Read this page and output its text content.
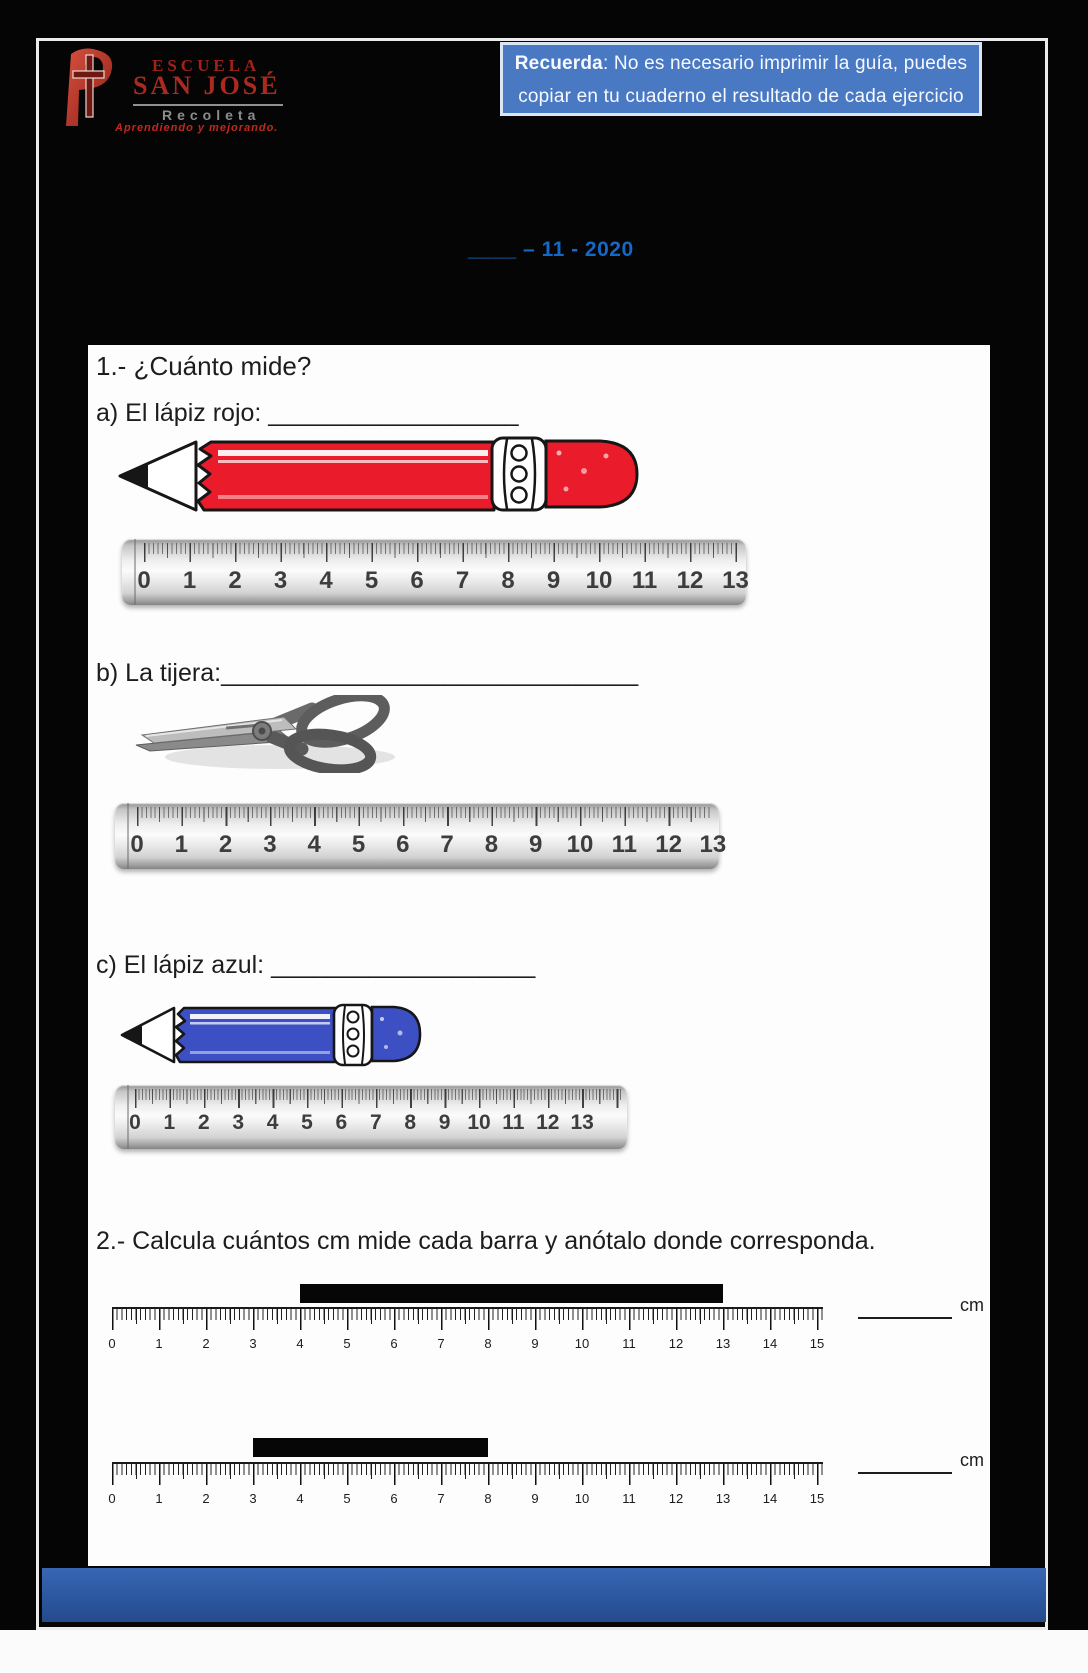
ESCUELA
SAN JOSÉ
Recoleta
Aprendiendo y mejorando.
Recuerda: No es necesario imprimir la guía, puedes
copiar en tu cuaderno el resultado de cada ejercicio
____ – 11 - 2020
1.- ¿Cuánto mide?
a) El lápiz rojo: __________________
0 1 2 3 4 5 6 7 8 9 10 11 12 13
b) La tijera:______________________________
0 1 2 3 4 5 6 7 8 9 10 11 12 13
c) El lápiz azul: ___________________
0 1 2 3 4 5 6 7 8 9 10 11 12 13
2.- Calcula cuántos cm mide cada barra y anótalo donde corresponda.
0	1	2	3	4	5	6	7	8	9	10	11	12	13	14	15
cm
0	1	2	3	4	5	6	7	8	9	10	11	12	13	14	15
cm
